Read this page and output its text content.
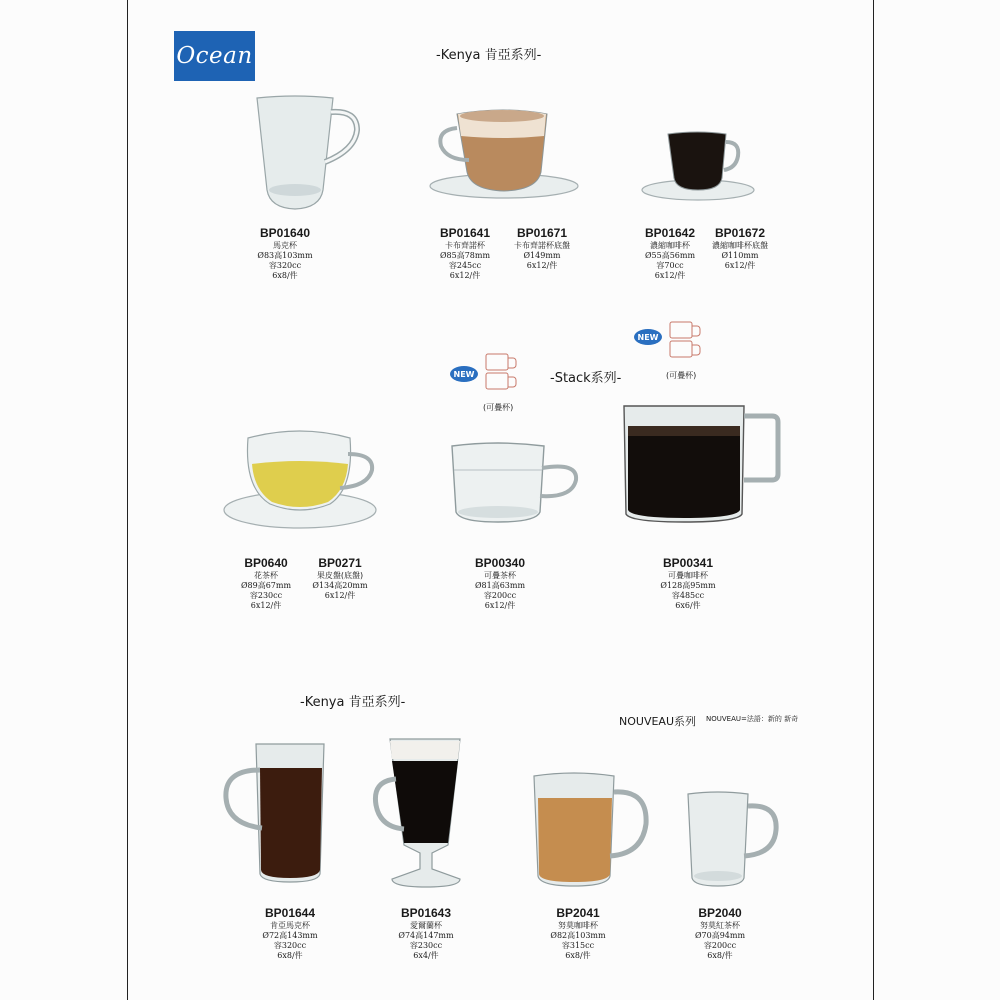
Ocean	-Kenya 肯亞系列-
-Stack系列-
-Kenya 肯亞系列-
NOUVEAU系列 NOUVEAU=法語：新的 新奇
NEW
(可疊杯)
NEW
(可疊杯)
BP01640
馬克杯
Ø83高103mm
容320cc
6x8/件
BP01641
卡布齊諾杯
Ø85高78mm
容245cc
6x12/件
BP01671
卡布齊諾杯底盤
Ø149mm
6x12/件
BP01642
濃縮咖啡杯
Ø55高56mm
容70cc
6x12/件
BP01672
濃縮咖啡杯底盤
Ø110mm
6x12/件
BP0640
花茶杯
Ø89高67mm
容230cc
6x12/件
BP0271
果皮盤(底盤)
Ø134高20mm
6x12/件
BP00340
可疊茶杯
Ø81高63mm
容200cc
6x12/件
BP00341
可疊咖啡杯
Ø128高95mm
容485cc
6x6/件
BP01644
肯亞馬克杯
Ø72高143mm
容320cc
6x8/件
BP01643
愛爾蘭杯
Ø74高147mm
容230cc
6x4/件
BP2041
努莫咖啡杯
Ø82高103mm
容315cc
6x8/件
BP2040
努莫紅茶杯
Ø70高94mm
容200cc
6x8/件
